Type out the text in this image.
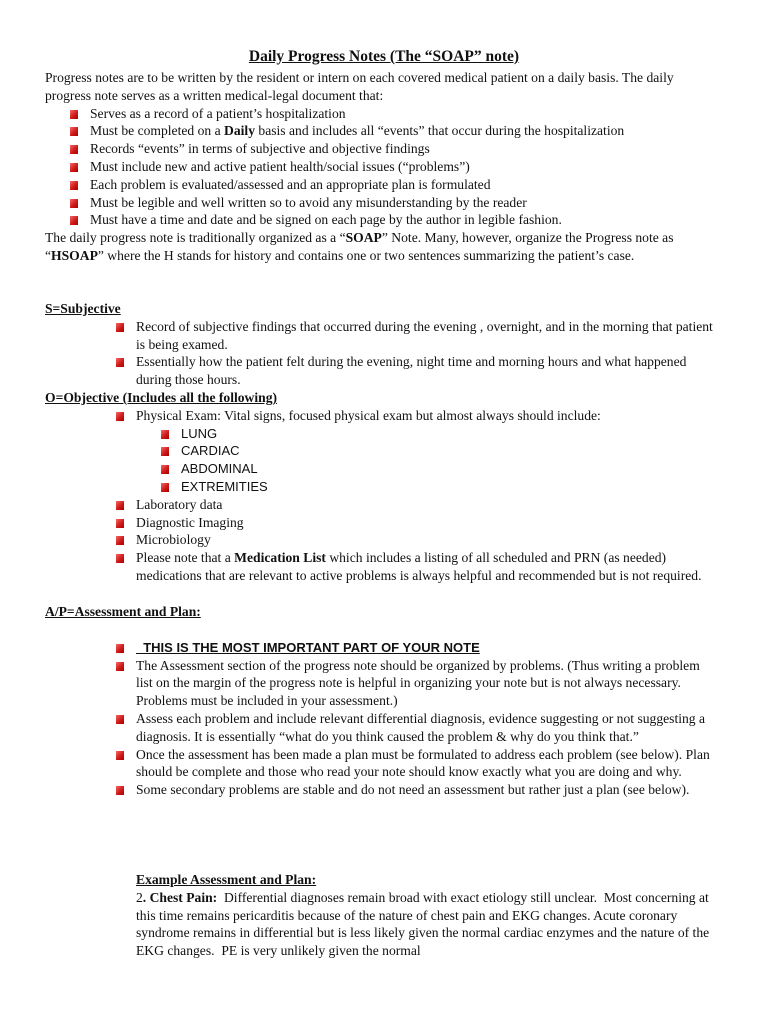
Daily Progress Notes (The “SOAP” note)

Progress notes are to be written by the resident or intern on each covered medical patient on a daily basis. The daily progress note serves as a written medical-legal document that:

Serves as a record of a patient’s hospitalization
Must be completed on a Daily basis and includes all “events” that occur during the hospitalization
Records “events” in terms of subjective and objective findings
Must include new and active patient health/social issues (“problems”)
Each problem is evaluated/assessed and an appropriate plan is formulated
Must be legible and well written so to avoid any misunderstanding by the reader
Must have a time and date and be signed on each page by the author in legible fashion.

The daily progress note is traditionally organized as a “SOAP” Note. Many, however, organize the Progress note as “HSOAP” where the H stands for history and contains one or two sentences summarizing the patient’s case.

S=Subjective
Record of subjective findings that occurred during the evening , overnight, and in the morning that patient is being examed.
Essentially how the patient felt during the evening, night time and morning hours and what happened during those hours.
O=Objective (Includes all the following)
Physical Exam: Vital signs, focused physical exam but almost always should include:
LUNG
CARDIAC
ABDOMINAL
EXTREMITIES
Laboratory data
Diagnostic Imaging
Microbiology
Please note that a Medication List which includes a listing of all scheduled and PRN (as needed) medications that are relevant to active problems is always helpful and recommended but is not required.
A/P=Assessment and Plan:
THIS IS THE MOST IMPORTANT PART OF YOUR NOTE
The Assessment section of the progress note should be organized by problems. (Thus writing a problem list on the margin of the progress note is helpful in organizing your note but is not always necessary. Problems must be included in your assessment.)
Assess each problem and include relevant differential diagnosis, evidence suggesting or not suggesting a diagnosis. It is essentially “what do you think caused the problem & why do you think that.”
Once the assessment has been made a plan must be formulated to address each problem (see below). Plan should be complete and those who read your note should know exactly what you are doing and why.
Some secondary problems are stable and do not need an assessment but rather just a plan (see below).
Example Assessment and Plan:

2. Chest Pain:  Differential diagnoses remain broad with exact etiology still unclear.  Most concerning at this time remains pericarditis because of the nature of chest pain and EKG changes. Acute coronary syndrome remains in differential but is less likely given the normal cardiac enzymes and the nature of the EKG changes.  PE is very unlikely given the normal
